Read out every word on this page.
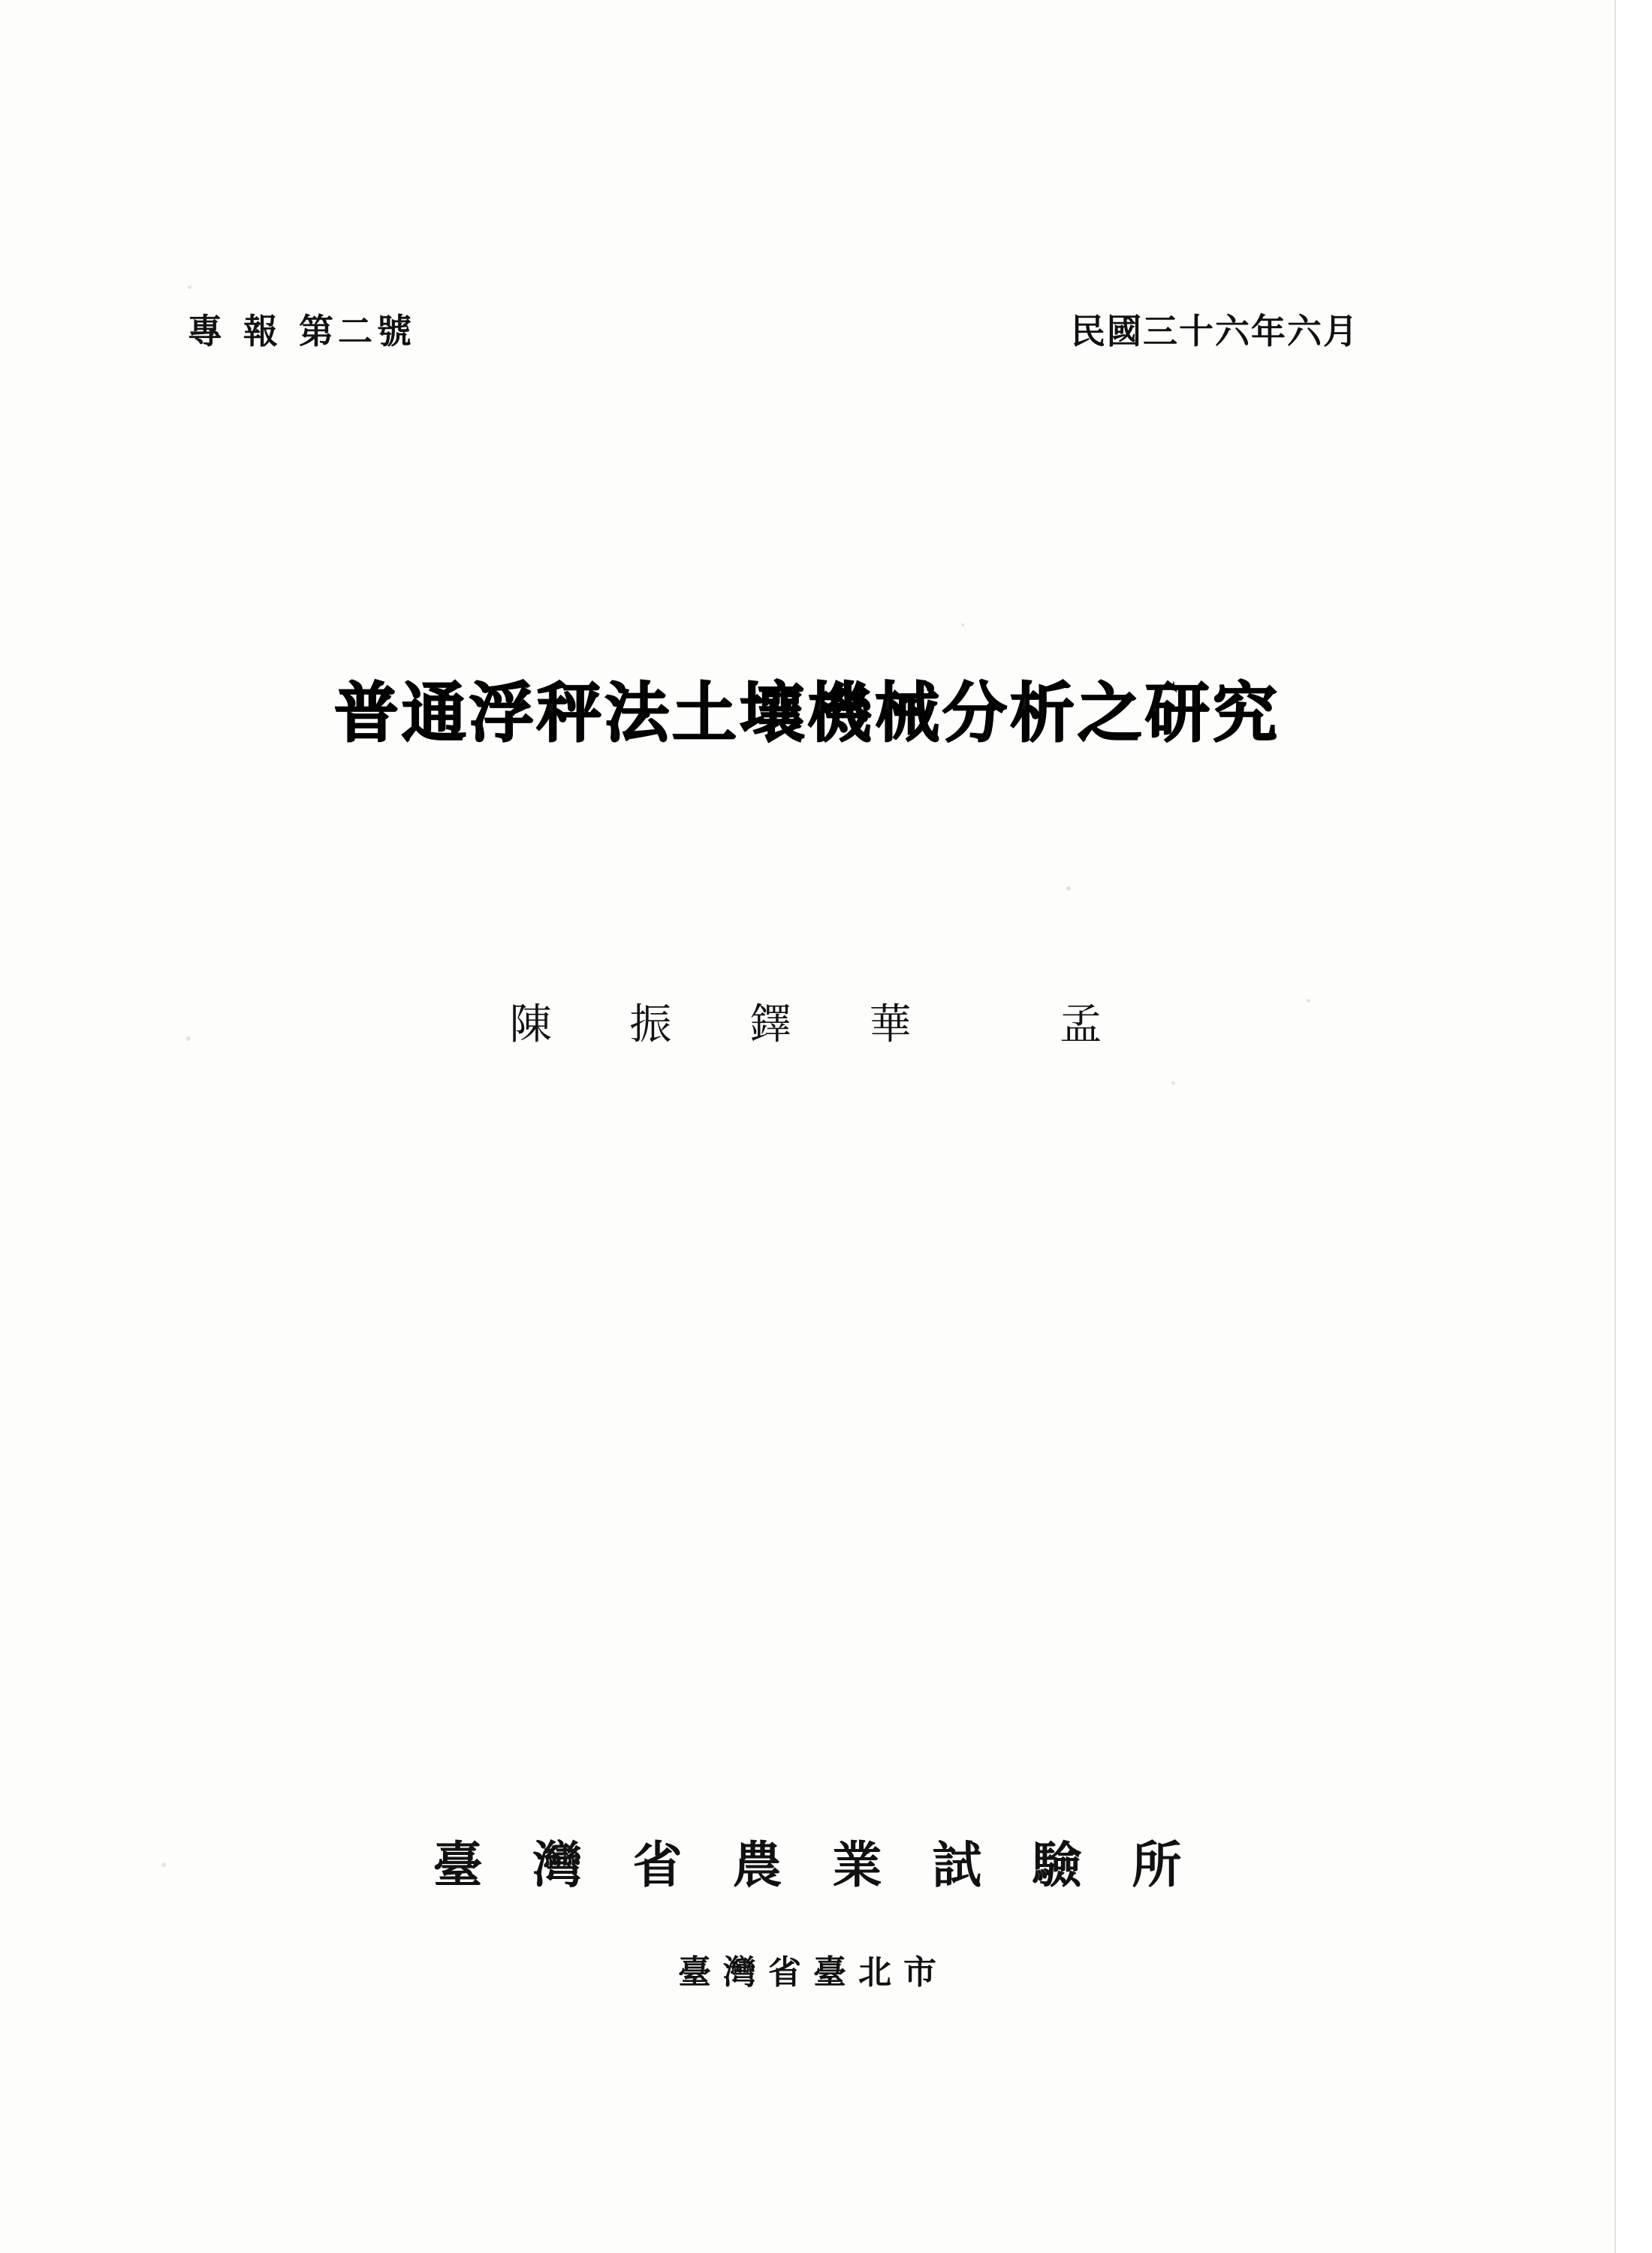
專 報 第二號	民國三十六年六月
普通浮秤法土壤機械分析之研究
陳 振 鐸 華	孟
臺 灣 省 農 業 試 驗 所
臺灣省臺北市
